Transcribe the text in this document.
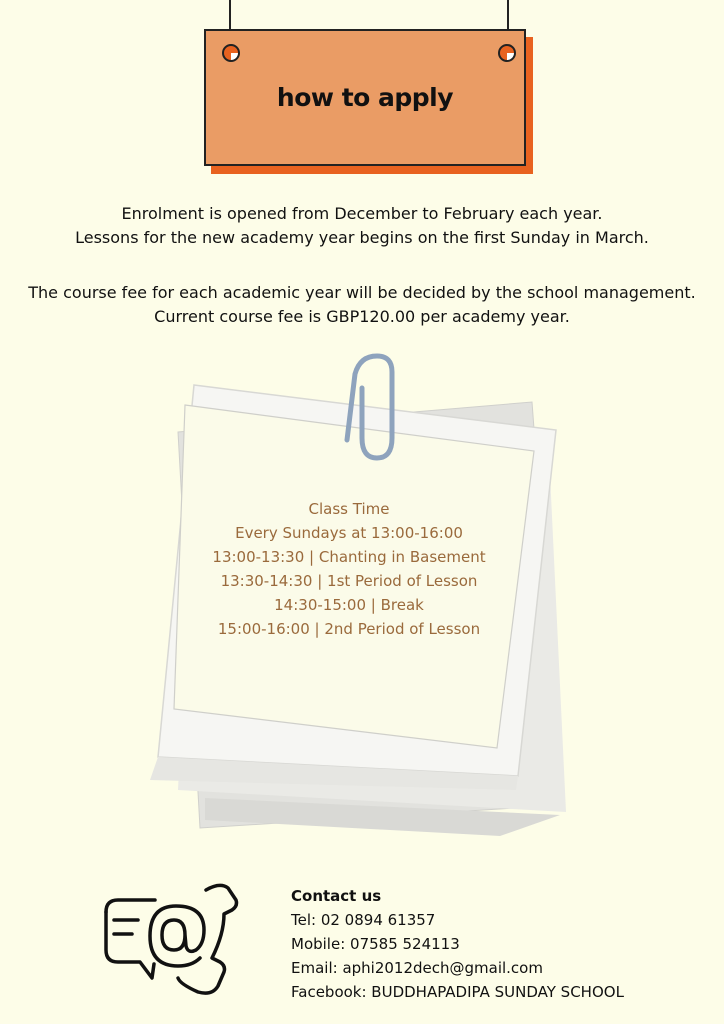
how to apply

Enrolment is opened from December to February each year.

Lessons for the new academy year begins on the first Sunday in March.

The course fee for each academic year will be decided by the school management.

Current course fee is GBP120.00 per academy year.

Class Time
Every Sundays at 13:00-16:00
13:00-13:30 | Chanting in Basement
13:30-14:30 | 1st Period of Lesson
14:30-15:00 | Break
15:00-16:00 | 2nd Period of Lesson
Contact us
Tel: 02 0894 61357
Mobile: 07585 524113
Email: aphi2012dech@gmail.com
Facebook: BUDDHAPADIPA SUNDAY SCHOOL
